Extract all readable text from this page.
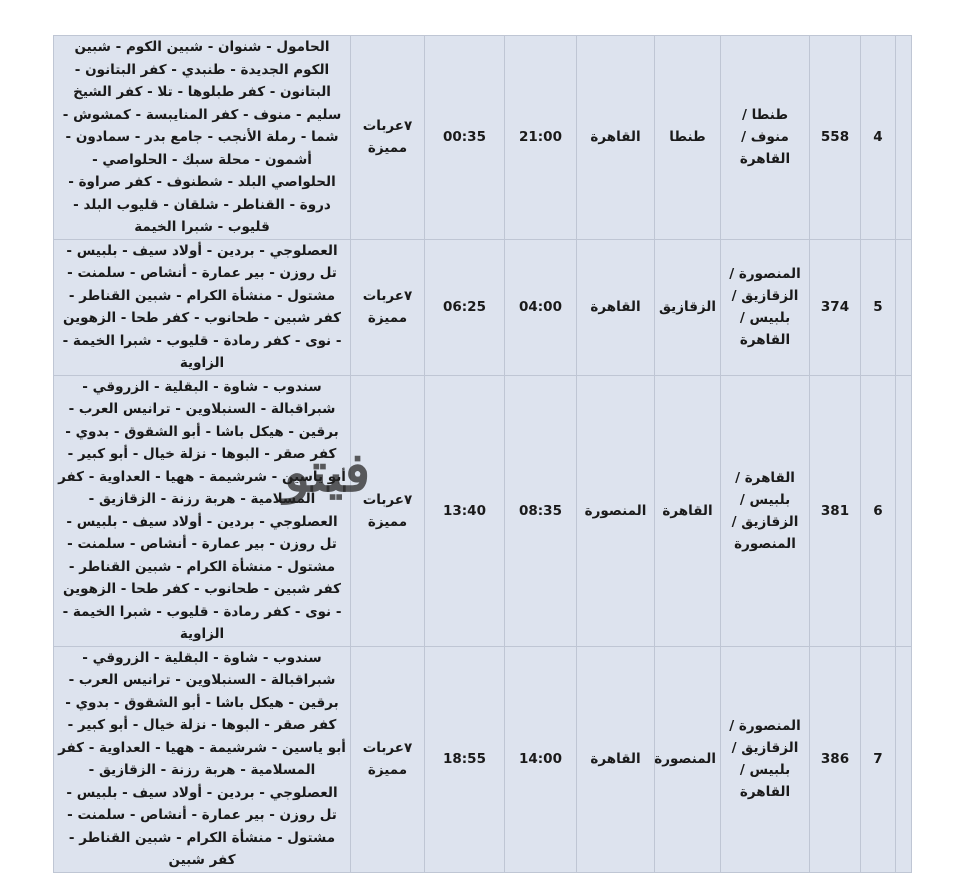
الحامول - شنوان - شبين الكوم - شبين الكوم الجديدة - طنبدي - كفر البتانون - البتانون - كفر طبلوها - تلا - كفر الشيخ سليم - منوف - كفر المنايبسة - كمشوش - شما - رملة الأنجب - جامع بدر - سمادون - أشمون - محلة سبك - الحلواصي - الحلواصي البلد - شطنوف - كفر صراوة - دروة - القناطر - شلقان - قليوب البلد - قليوب - شبرا الخيمة	٧عربات مميزة	00:35	21:00	القاهرة	طنطا	طنطا / منوف / القاهرة	558	4	
العصلوجي - بردين - أولاد سيف - بلبيس - تل روزن - بير عمارة - أنشاص - سلمنت - مشتول - منشأة الكرام - شبين القناطر - كفر شبين - طحانوب - كفر طحا - الزهوين - نوى - كفر رمادة - قليوب - شبرا الخيمة - الزاوية	٧عربات مميزة	06:25	04:00	القاهرة	الزقازيق	المنصورة / الزقازيق / بلبيس / القاهرة	374	5	
سندوب - شاوة - البقلية - الزروقي - شبراقبالة - السنبلاوين - ترانيس العرب - برقين - هيكل باشا - أبو الشقوق - بدوي - كفر صقر - البوها - نزلة خيال - أبو كبير - أبو ياسين - شرشيمة - ههيا - العداوية - كفر المسلامية - هربة رزنة - الزقازيق - العصلوجي - بردين - أولاد سيف - بلبيس - تل روزن - بير عمارة - أنشاص - سلمنت - مشتول - منشأة الكرام - شبين القناطر - كفر شبين - طحانوب - كفر طحا - الزهوين - نوى - كفر رمادة - قليوب - شبرا الخيمة - الزاوية	٧عربات مميزة	13:40	08:35	المنصورة	القاهرة	القاهرة / بلبيس /الزقازيق / المنصورة	381	6	
سندوب - شاوة - البقلية - الزروقي - شبراقبالة - السنبلاوين - ترانيس العرب - برقين - هيكل باشا - أبو الشقوق - بدوي - كفر صقر - البوها - نزلة خيال - أبو كبير - أبو ياسين - شرشيمة - ههيا - العداوية - كفر المسلامية - هربة رزنة - الزقازيق - العصلوجي - بردين - أولاد سيف - بلبيس - تل روزن - بير عمارة - أنشاص - سلمنت - مشتول - منشأة الكرام - شبين القناطر - كفر شبين	٧عربات مميزة	18:55	14:00	القاهرة	المنصورة	المنصورة / الزقازيق / بلبيس / القاهرة	386	7	
فيتو
